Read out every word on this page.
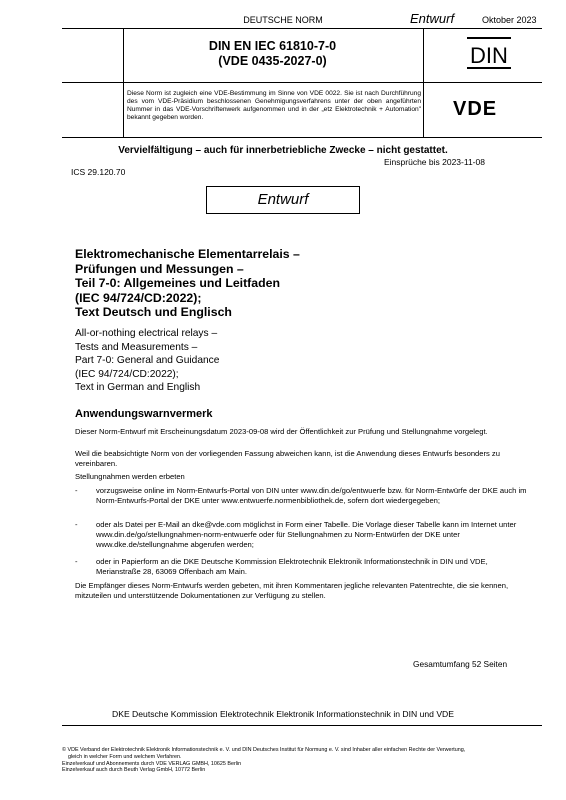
DEUTSCHE NORM	Entwurf	Oktober 2023
DIN EN IEC 61810-7-0
(VDE 0435-2027-0)	DIN
Diese Norm ist zugleich eine VDE-Bestimmung im Sinne von VDE 0022. Sie ist nach Durchführung des vom VDE-Präsidium beschlossenen Genehmigungsverfahrens unter der oben angeführten Nummer in das VDE-Vorschriftenwerk aufgenommen und in der „etz Elektrotechnik + Automation" bekannt gegeben worden.	VDE
Vervielfältigung – auch für innerbetriebliche Zwecke – nicht gestattet.
Einsprüche bis 2023-11-08
ICS 29.120.70
Entwurf
Elektromechanische Elementarrelais –
Prüfungen und Messungen –
Teil 7-0: Allgemeines und Leitfaden
(IEC 94/724/CD:2022);
Text Deutsch und Englisch
All-or-nothing electrical relays –
Tests and Measurements –
Part 7-0: General and Guidance
(IEC 94/724/CD:2022);
Text in German and English
Anwendungswarnvermerk
Dieser Norm-Entwurf mit Erscheinungsdatum 2023-09-08 wird der Öffentlichkeit zur Prüfung und Stellungnahme vorgelegt.
Weil die beabsichtigte Norm von der vorliegenden Fassung abweichen kann, ist die Anwendung dieses Entwurfs besonders zu vereinbaren.
Stellungnahmen werden erbeten
- vorzugsweise online im Norm-Entwurfs-Portal von DIN unter www.din.de/go/entwuerfe bzw. für Norm-Entwürfe der DKE auch im Norm-Entwurfs-Portal der DKE unter www.entwuerfe.normenbibliothek.de, sofern dort wiedergegeben;
- oder als Datei per E-Mail an dke@vde.com möglichst in Form einer Tabelle. Die Vorlage dieser Tabelle kann im Internet unter www.din.de/go/stellungnahmen-norm-entwuerfe oder für Stellungnahmen zu Norm-Entwürfen der DKE unter www.dke.de/stellungnahme abgerufen werden;
- oder in Papierform an die DKE Deutsche Kommission Elektrotechnik Elektronik Informationstechnik in DIN und VDE, Merianstraße 28, 63069 Offenbach am Main.
Die Empfänger dieses Norm-Entwurfs werden gebeten, mit ihren Kommentaren jegliche relevanten Patentrechte, die sie kennen, mitzuteilen und unterstützende Dokumentationen zur Verfügung zu stellen.
Gesamtumfang 52 Seiten
DKE Deutsche Kommission Elektrotechnik Elektronik Informationstechnik in DIN und VDE
© VDE Verband der Elektrotechnik Elektronik Informationstechnik e. V. und DIN Deutsches Institut für Normung e. V. sind Inhaber aller einfachen Rechte der Verwertung,
gleich in welcher Form und welchem Verfahren.
Einzelverkauf und Abonnements durch VDE VERLAG GMBH, 10625 Berlin
Einzelverkauf auch durch Beuth Verlag GmbH, 10772 Berlin
